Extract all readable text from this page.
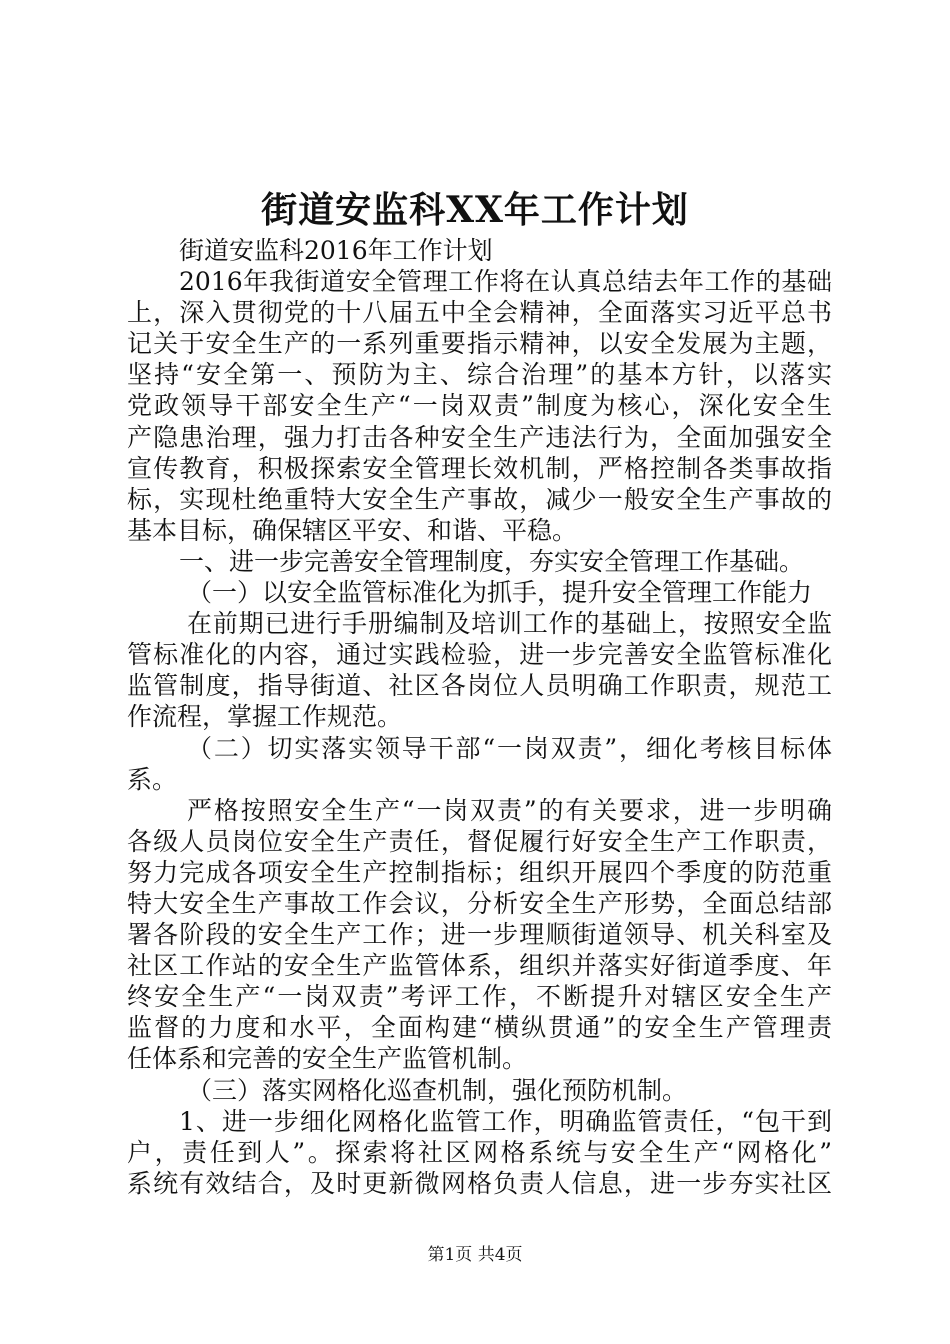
街道安监科XX年工作计划
街道安监科2016年工作计划
2016年我街道安全管理工作将在认真总结去年工作的基础
上，深入贯彻党的十八届五中全会精神，全面落实习近平总书
记关于安全生产的一系列重要指示精神，以安全发展为主题，
坚持“安全第一、预防为主、综合治理”的基本方针，以落实
党政领导干部安全生产“一岗双责”制度为核心，深化安全生
产隐患治理，强力打击各种安全生产违法行为，全面加强安全
宣传教育，积极探索安全管理长效机制，严格控制各类事故指
标，实现杜绝重特大安全生产事故，减少一般安全生产事故的
基本目标，确保辖区平安、和谐、平稳。
一、进一步完善安全管理制度，夯实安全管理工作基础。
（一）以安全监管标准化为抓手，提升安全管理工作能力
在前期已进行手册编制及培训工作的基础上，按照安全监
管标准化的内容，通过实践检验，进一步完善安全监管标准化
监管制度，指导街道、社区各岗位人员明确工作职责，规范工
作流程，掌握工作规范。
（二）切实落实领导干部“一岗双责”，细化考核目标体
系。
严格按照安全生产“一岗双责”的有关要求，进一步明确
各级人员岗位安全生产责任，督促履行好安全生产工作职责，
努力完成各项安全生产控制指标；组织开展四个季度的防范重
特大安全生产事故工作会议，分析安全生产形势，全面总结部
署各阶段的安全生产工作；进一步理顺街道领导、机关科室及
社区工作站的安全生产监管体系，组织并落实好街道季度、年
终安全生产“一岗双责”考评工作，不断提升对辖区安全生产
监督的力度和水平，全面构建“横纵贯通”的安全生产管理责
任体系和完善的安全生产监管机制。
（三）落实网格化巡查机制，强化预防机制。
1、进一步细化网格化监管工作，明确监管责任，“包干到
户，责任到人”。探索将社区网格系统与安全生产“网格化”
系统有效结合，及时更新微网格负责人信息，进一步夯实社区
第1页 共4页
